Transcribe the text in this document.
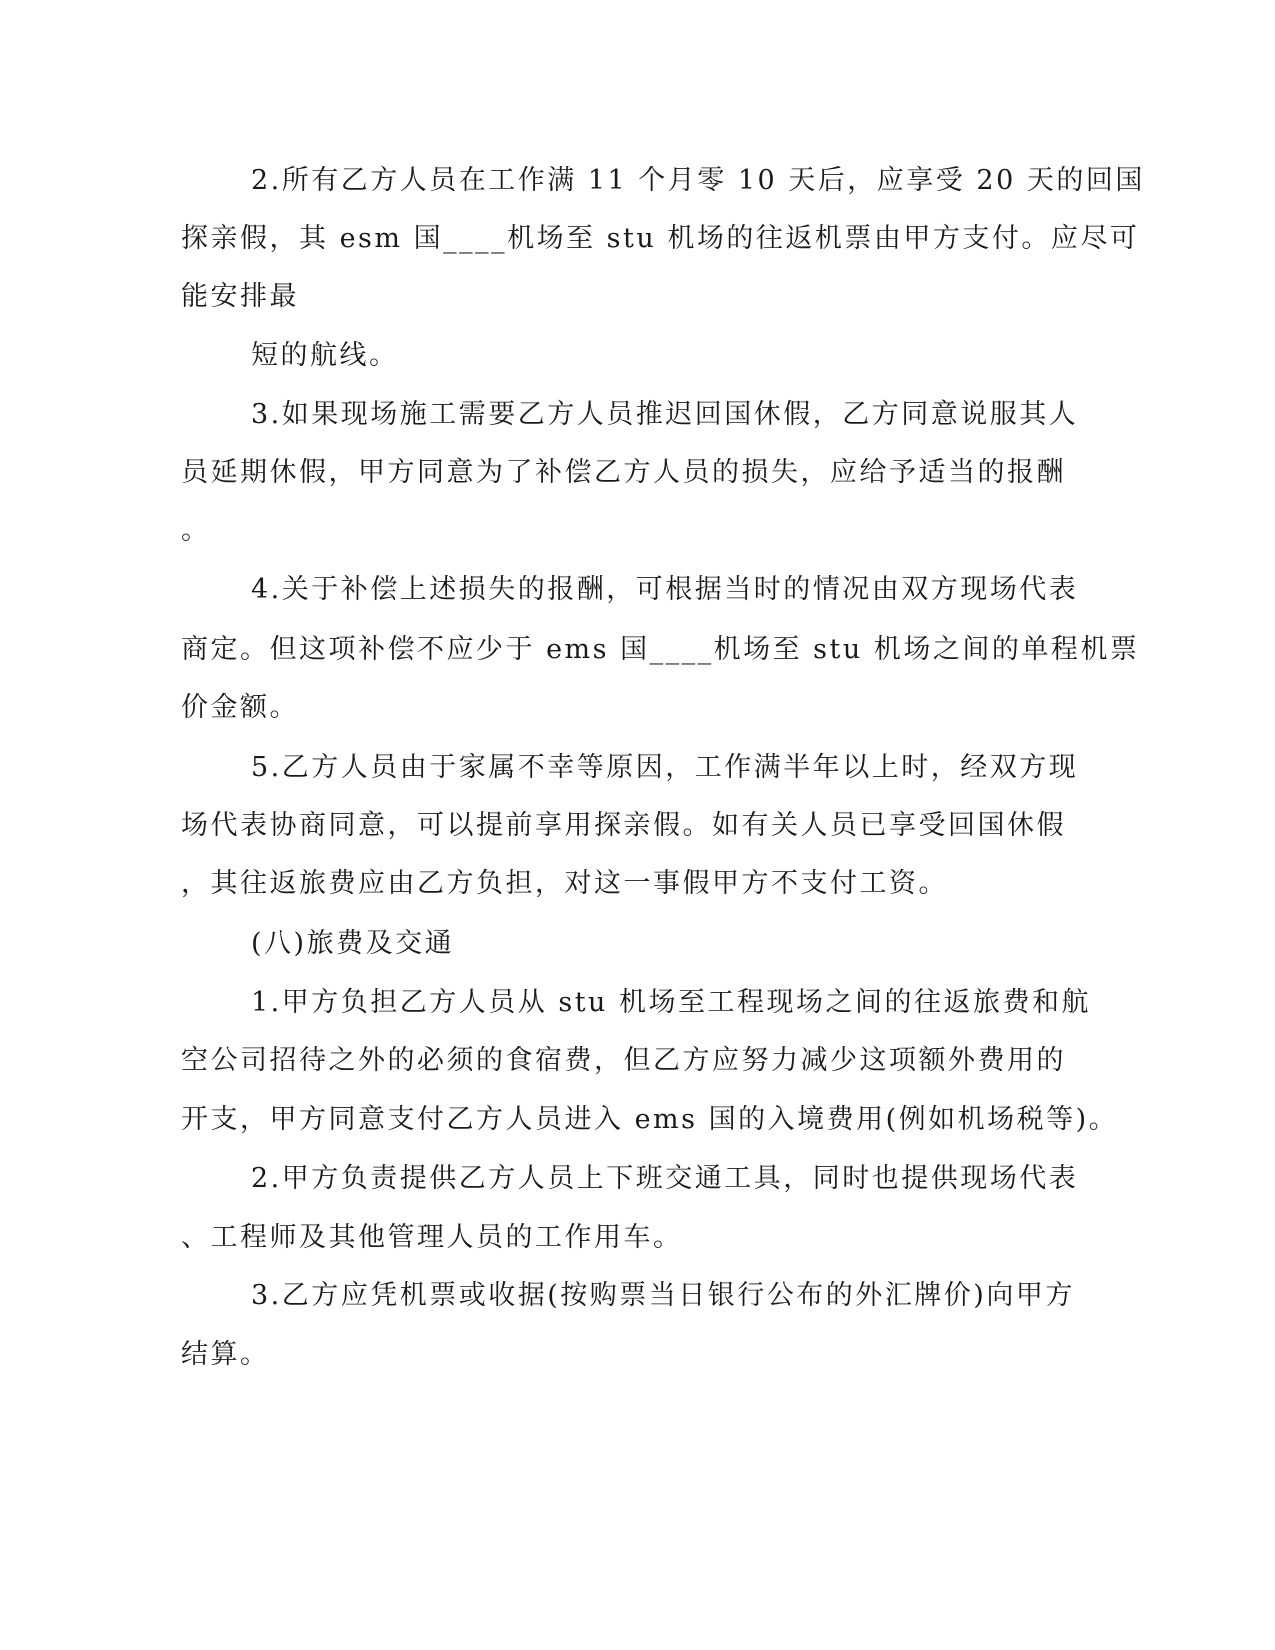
2.所有乙方人员在工作满 11 个月零 10 天后，应享受 20 天的回国
探亲假，其 esm 国____机场至 stu 机场的往返机票由甲方支付。应尽可
能安排最
短的航线。
3.如果现场施工需要乙方人员推迟回国休假，乙方同意说服其人
员延期休假，甲方同意为了补偿乙方人员的损失，应给予适当的报酬
。
4.关于补偿上述损失的报酬，可根据当时的情况由双方现场代表
商定。但这项补偿不应少于 ems 国____机场至 stu 机场之间的单程机票
价金额。
5.乙方人员由于家属不幸等原因，工作满半年以上时，经双方现
场代表协商同意，可以提前享用探亲假。如有关人员已享受回国休假
，其往返旅费应由乙方负担，对这一事假甲方不支付工资。
(八)旅费及交通
1.甲方负担乙方人员从 stu 机场至工程现场之间的往返旅费和航
空公司招待之外的必须的食宿费，但乙方应努力减少这项额外费用的
开支，甲方同意支付乙方人员进入 ems 国的入境费用(例如机场税等)。
2.甲方负责提供乙方人员上下班交通工具，同时也提供现场代表
、工程师及其他管理人员的工作用车。
3.乙方应凭机票或收据(按购票当日银行公布的外汇牌价)向甲方
结算。
